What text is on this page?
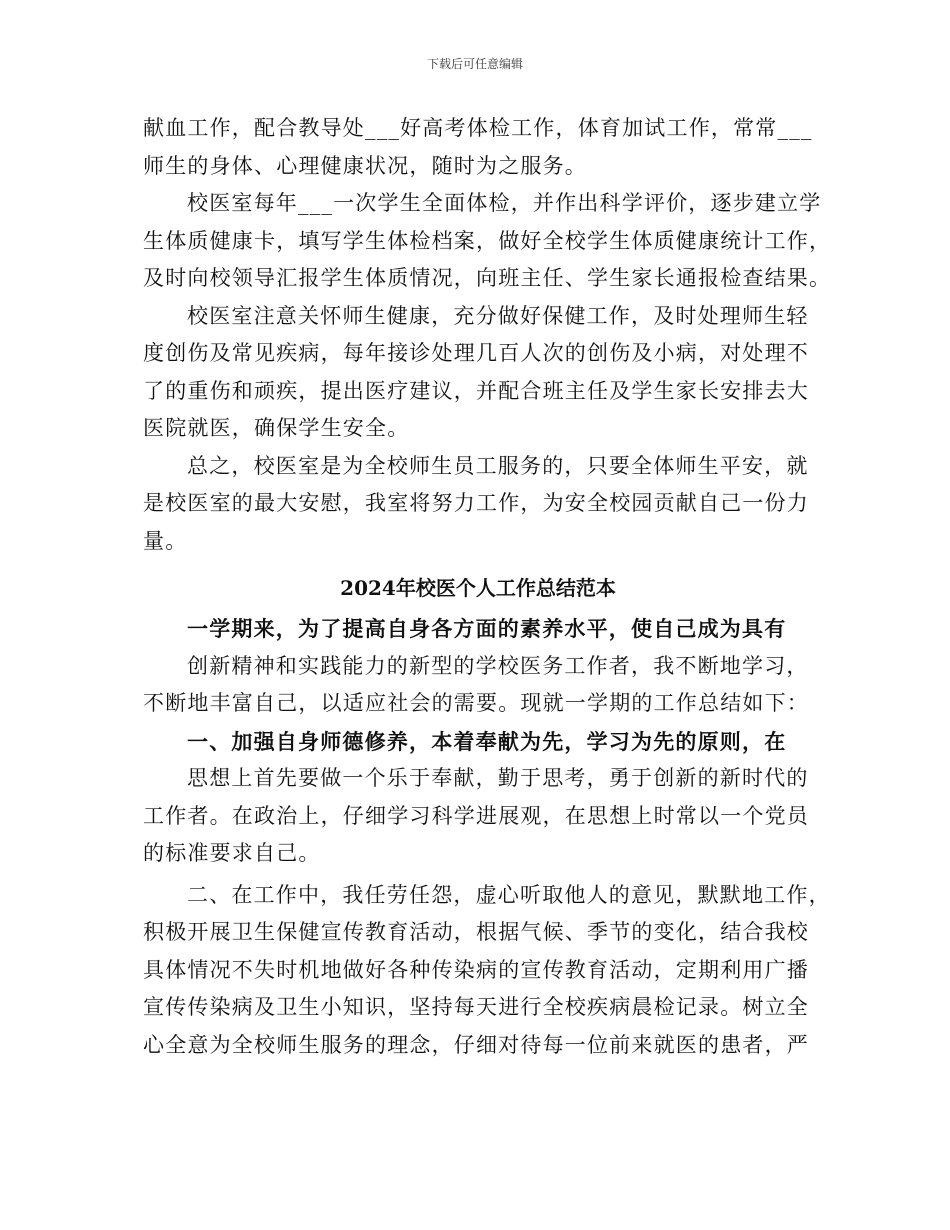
下载后可任意编辑
献血工作，配合教导处___好高考体检工作，体育加试工作，常常___
师生的身体、心理健康状况，随时为之服务。
校医室每年___一次学生全面体检，并作出科学评价，逐步建立学
生体质健康卡，填写学生体检档案，做好全校学生体质健康统计工作，
及时向校领导汇报学生体质情况，向班主任、学生家长通报检查结果。
校医室注意关怀师生健康，充分做好保健工作，及时处理师生轻
度创伤及常见疾病，每年接诊处理几百人次的创伤及小病，对处理不
了的重伤和顽疾，提出医疗建议，并配合班主任及学生家长安排去大
医院就医，确保学生安全。
总之，校医室是为全校师生员工服务的，只要全体师生平安，就
是校医室的最大安慰，我室将努力工作，为安全校园贡献自己一份力
量。
2024年校医个人工作总结范本
一学期来，为了提高自身各方面的素养水平，使自己成为具有
创新精神和实践能力的新型的学校医务工作者，我不断地学习，
不断地丰富自己，以适应社会的需要。现就一学期的工作总结如下：
一、加强自身师德修养，本着奉献为先，学习为先的原则，在
思想上首先要做一个乐于奉献，勤于思考，勇于创新的新时代的
工作者。在政治上，仔细学习科学进展观，在思想上时常以一个党员
的标准要求自己。
二、在工作中，我任劳任怨，虚心听取他人的意见，默默地工作，
积极开展卫生保健宣传教育活动，根据气候、季节的变化，结合我校
具体情况不失时机地做好各种传染病的宣传教育活动，定期利用广播
宣传传染病及卫生小知识，坚持每天进行全校疾病晨检记录。树立全
心全意为全校师生服务的理念，仔细对待每一位前来就医的患者，严
